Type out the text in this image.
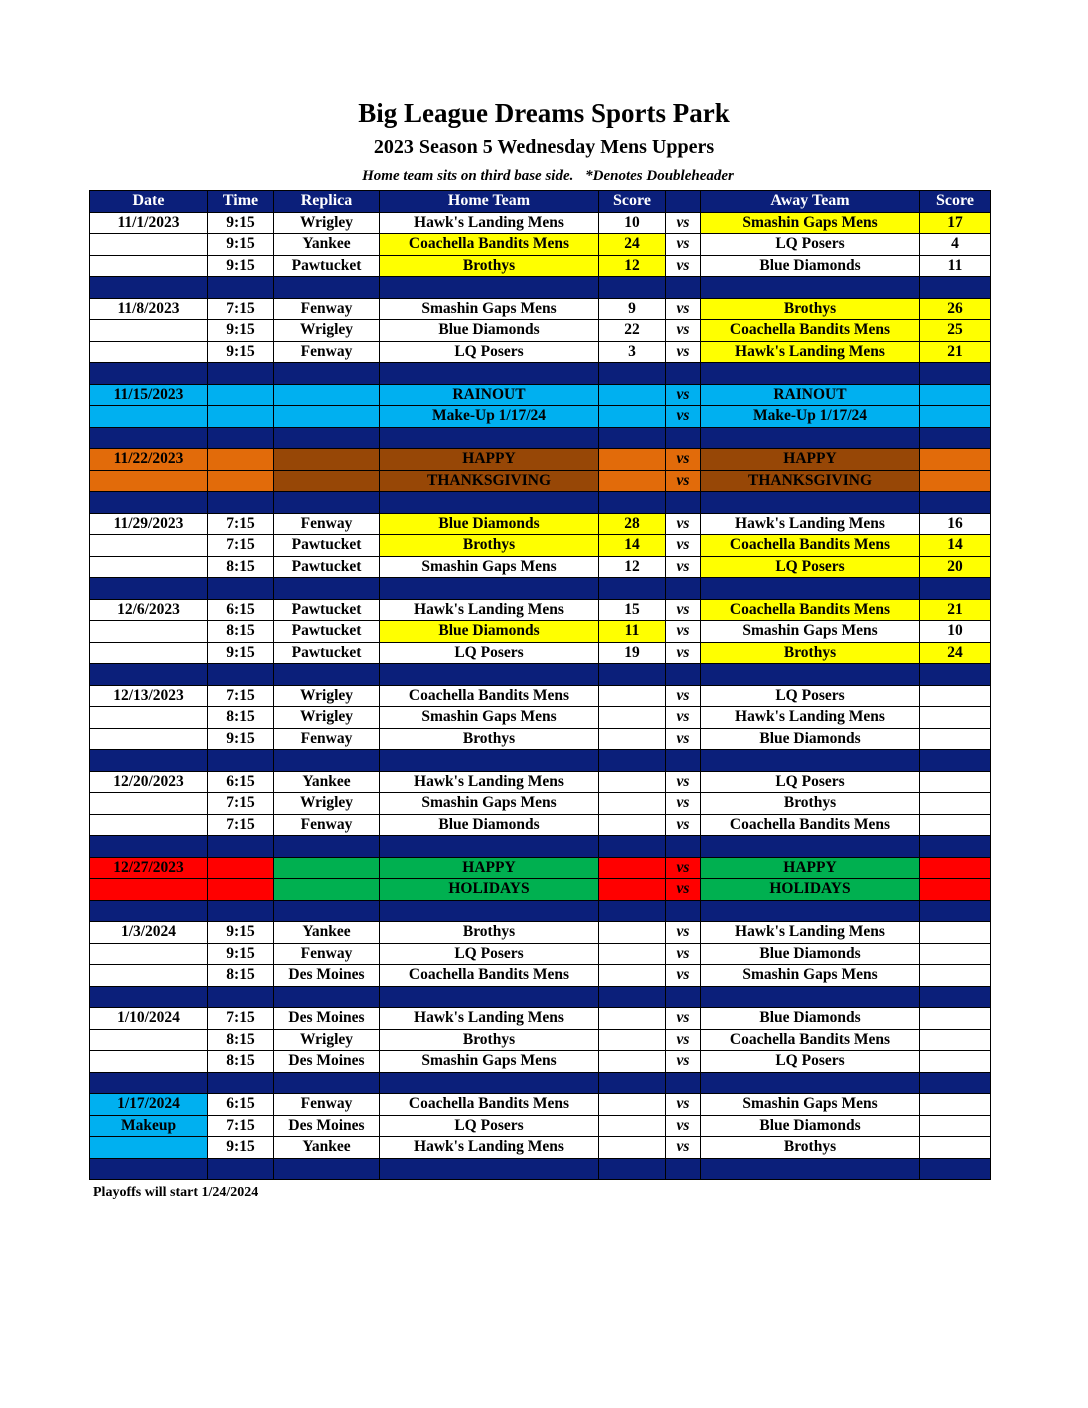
Big League Dreams Sports Park
2023 Season 5 Wednesday Mens Uppers
Home team sits on third base side. *Denotes Doubleheader
Date	Time	Replica	Home Team	Score		Away Team	Score
11/1/2023	9:15	Wrigley	Hawk's Landing Mens	10	vs	Smashin Gaps Mens	17
	9:15	Yankee	Coachella Bandits Mens	24	vs	LQ Posers	4
	9:15	Pawtucket	Brothys	12	vs	Blue Diamonds	11

11/8/2023	7:15	Fenway	Smashin Gaps Mens	9	vs	Brothys	26
	9:15	Wrigley	Blue Diamonds	22	vs	Coachella Bandits Mens	25
	9:15	Fenway	LQ Posers	3	vs	Hawk's Landing Mens	21

11/15/2023			RAINOUT		vs	RAINOUT	
			Make-Up 1/17/24		vs	Make-Up 1/17/24	

11/22/2023			HAPPY		vs	HAPPY	
			THANKSGIVING		vs	THANKSGIVING	

11/29/2023	7:15	Fenway	Blue Diamonds	28	vs	Hawk's Landing Mens	16
	7:15	Pawtucket	Brothys	14	vs	Coachella Bandits Mens	14
	8:15	Pawtucket	Smashin Gaps Mens	12	vs	LQ Posers	20

12/6/2023	6:15	Pawtucket	Hawk's Landing Mens	15	vs	Coachella Bandits Mens	21
	8:15	Pawtucket	Blue Diamonds	11	vs	Smashin Gaps Mens	10
	9:15	Pawtucket	LQ Posers	19	vs	Brothys	24

12/13/2023	7:15	Wrigley	Coachella Bandits Mens		vs	LQ Posers	
	8:15	Wrigley	Smashin Gaps Mens		vs	Hawk's Landing Mens	
	9:15	Fenway	Brothys		vs	Blue Diamonds	

12/20/2023	6:15	Yankee	Hawk's Landing Mens		vs	LQ Posers	
	7:15	Wrigley	Smashin Gaps Mens		vs	Brothys	
	7:15	Fenway	Blue Diamonds		vs	Coachella Bandits Mens	

12/27/2023			HAPPY		vs	HAPPY	
			HOLIDAYS		vs	HOLIDAYS	

1/3/2024	9:15	Yankee	Brothys		vs	Hawk's Landing Mens	
	9:15	Fenway	LQ Posers		vs	Blue Diamonds	
	8:15	Des Moines	Coachella Bandits Mens		vs	Smashin Gaps Mens	

1/10/2024	7:15	Des Moines	Hawk's Landing Mens		vs	Blue Diamonds	
	8:15	Wrigley	Brothys		vs	Coachella Bandits Mens	
	8:15	Des Moines	Smashin Gaps Mens		vs	LQ Posers	

1/17/2024	6:15	Fenway	Coachella Bandits Mens		vs	Smashin Gaps Mens	
Makeup	7:15	Des Moines	LQ Posers		vs	Blue Diamonds	
	9:15	Yankee	Hawk's Landing Mens		vs	Brothys	

Playoffs will start 1/24/2024
